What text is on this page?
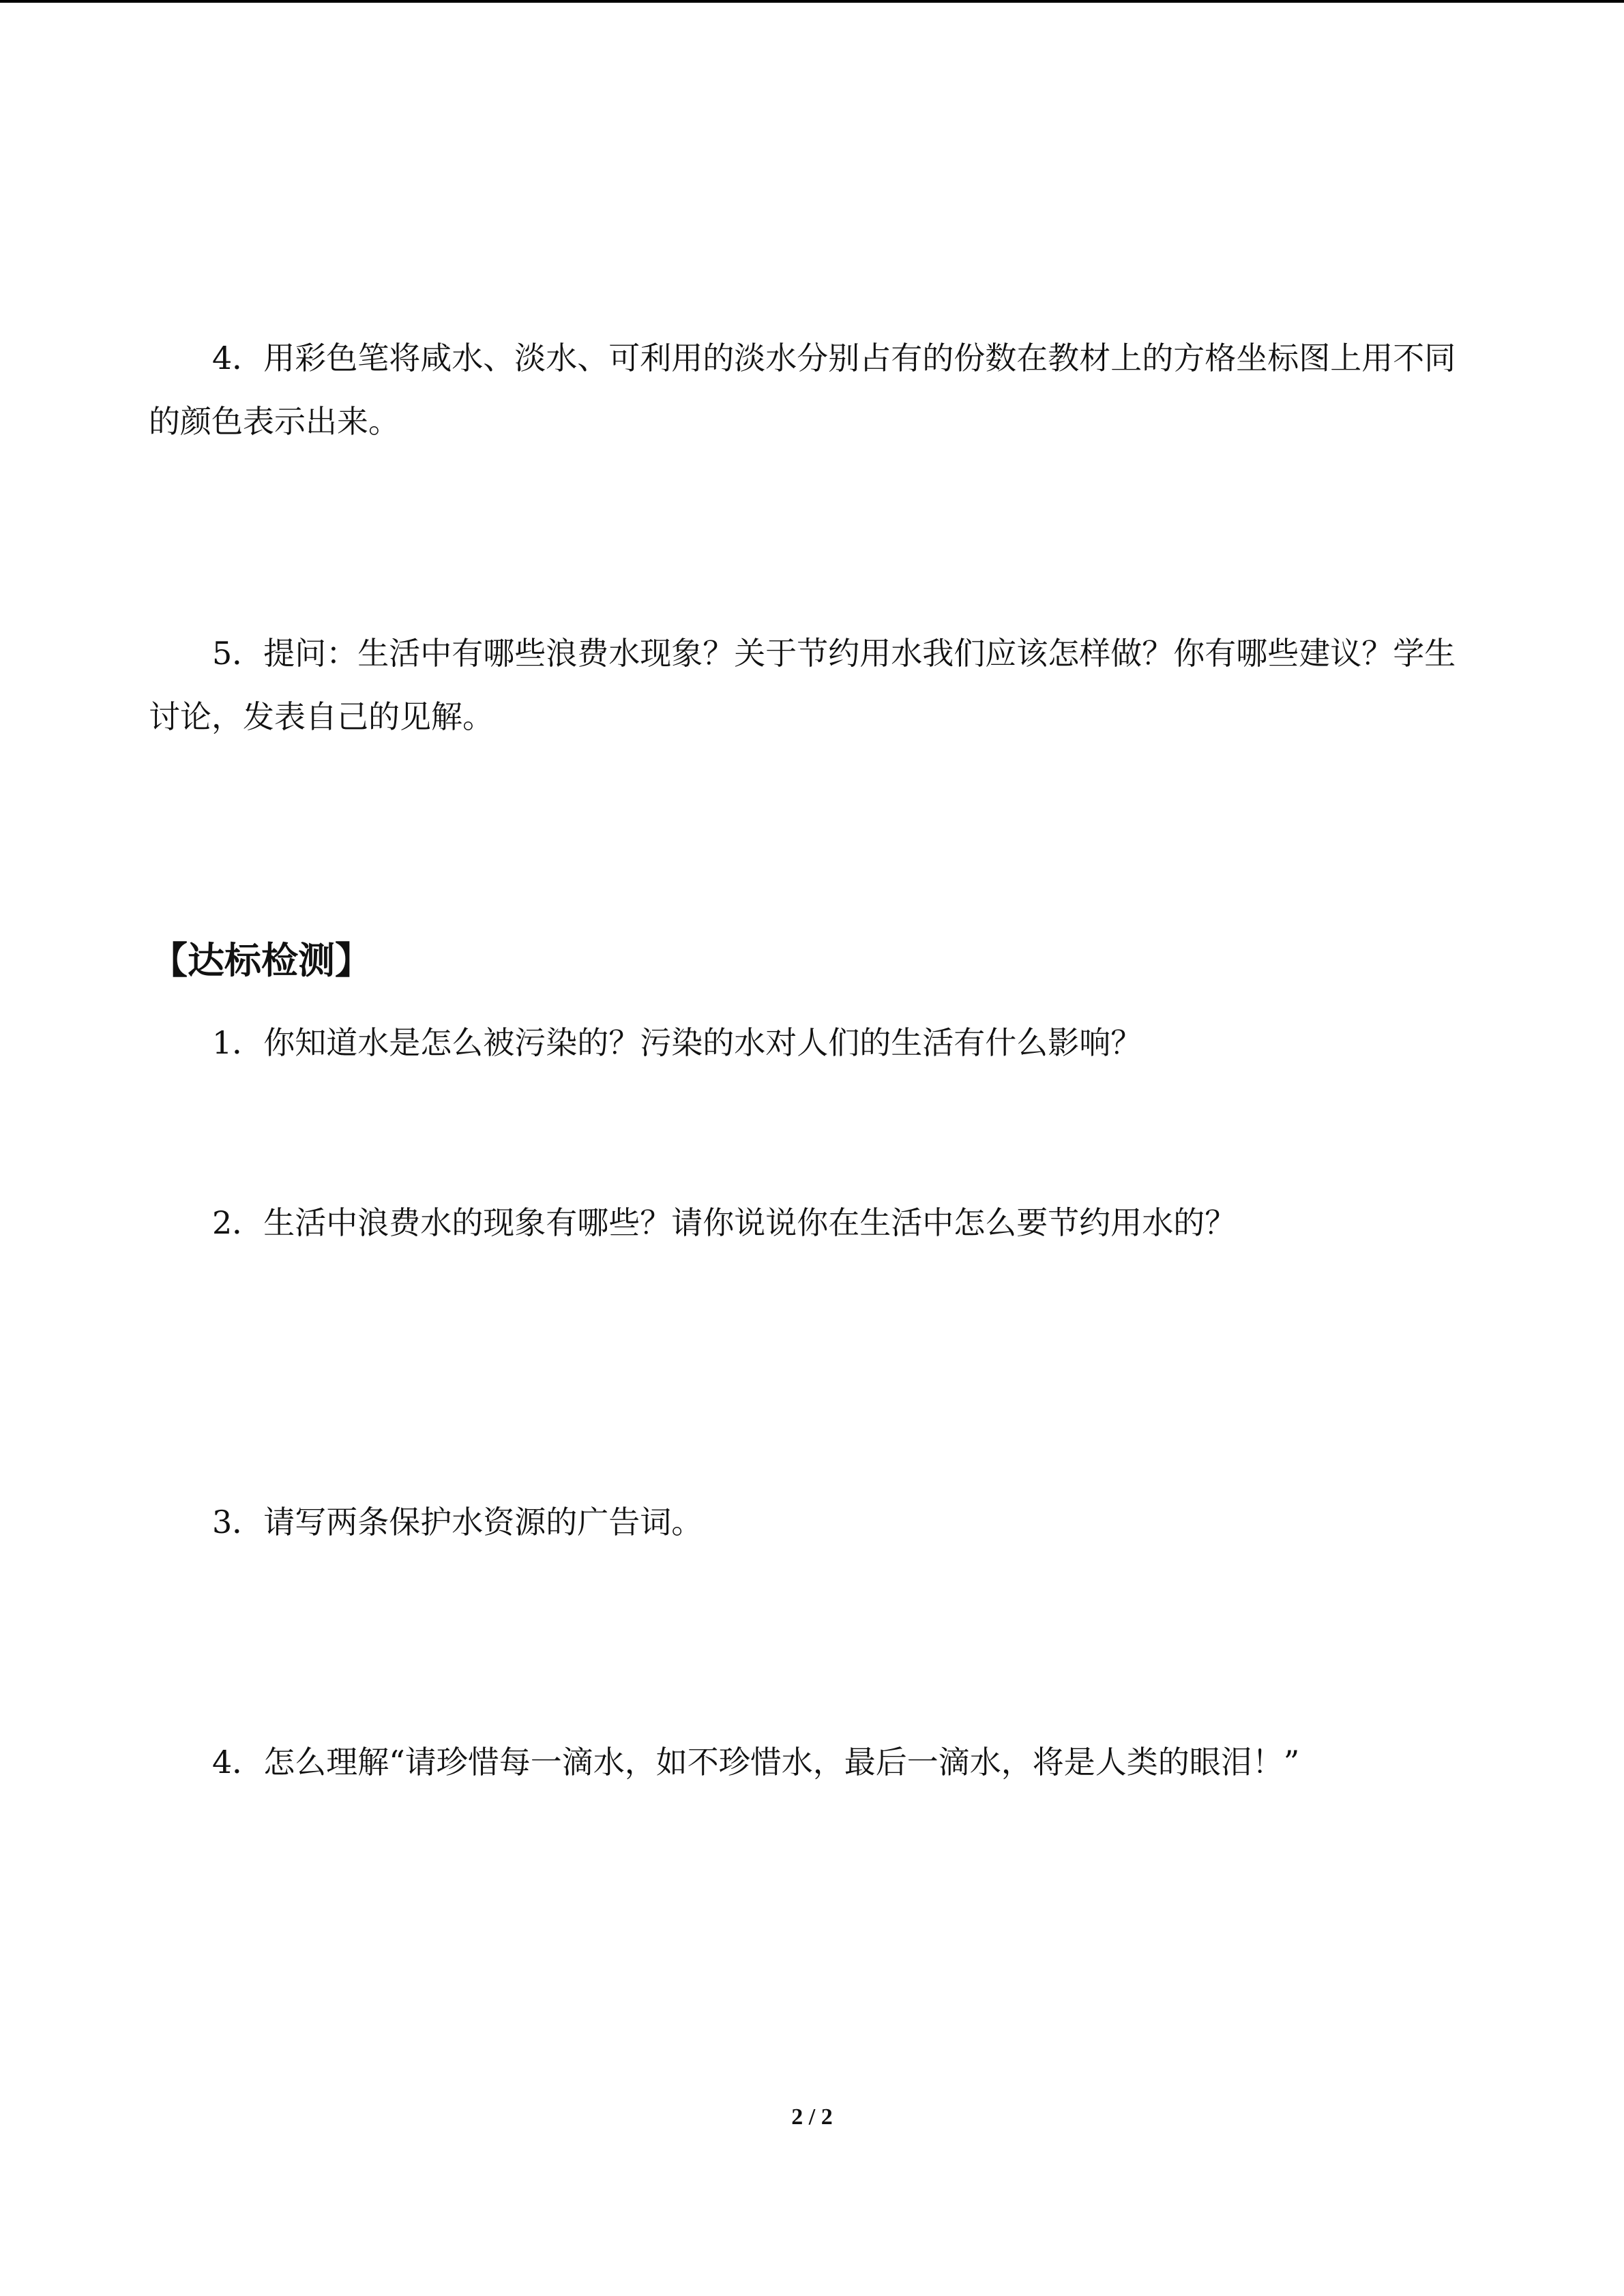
4．用彩色笔将咸水、淡水、可利用的淡水分别占有的份数在教材上的方格坐标图上用不同的颜色表示出来。

5．提问：生活中有哪些浪费水现象？关于节约用水我们应该怎样做？你有哪些建议？学生讨论，发表自己的见解。

【达标检测】

1．你知道水是怎么被污染的？污染的水对人们的生活有什么影响？

2．生活中浪费水的现象有哪些？请你说说你在生活中怎么要节约用水的？

3．请写两条保护水资源的广告词。

4．怎么理解“请珍惜每一滴水，如不珍惜水，最后一滴水，将是人类的眼泪！”

2 / 2
